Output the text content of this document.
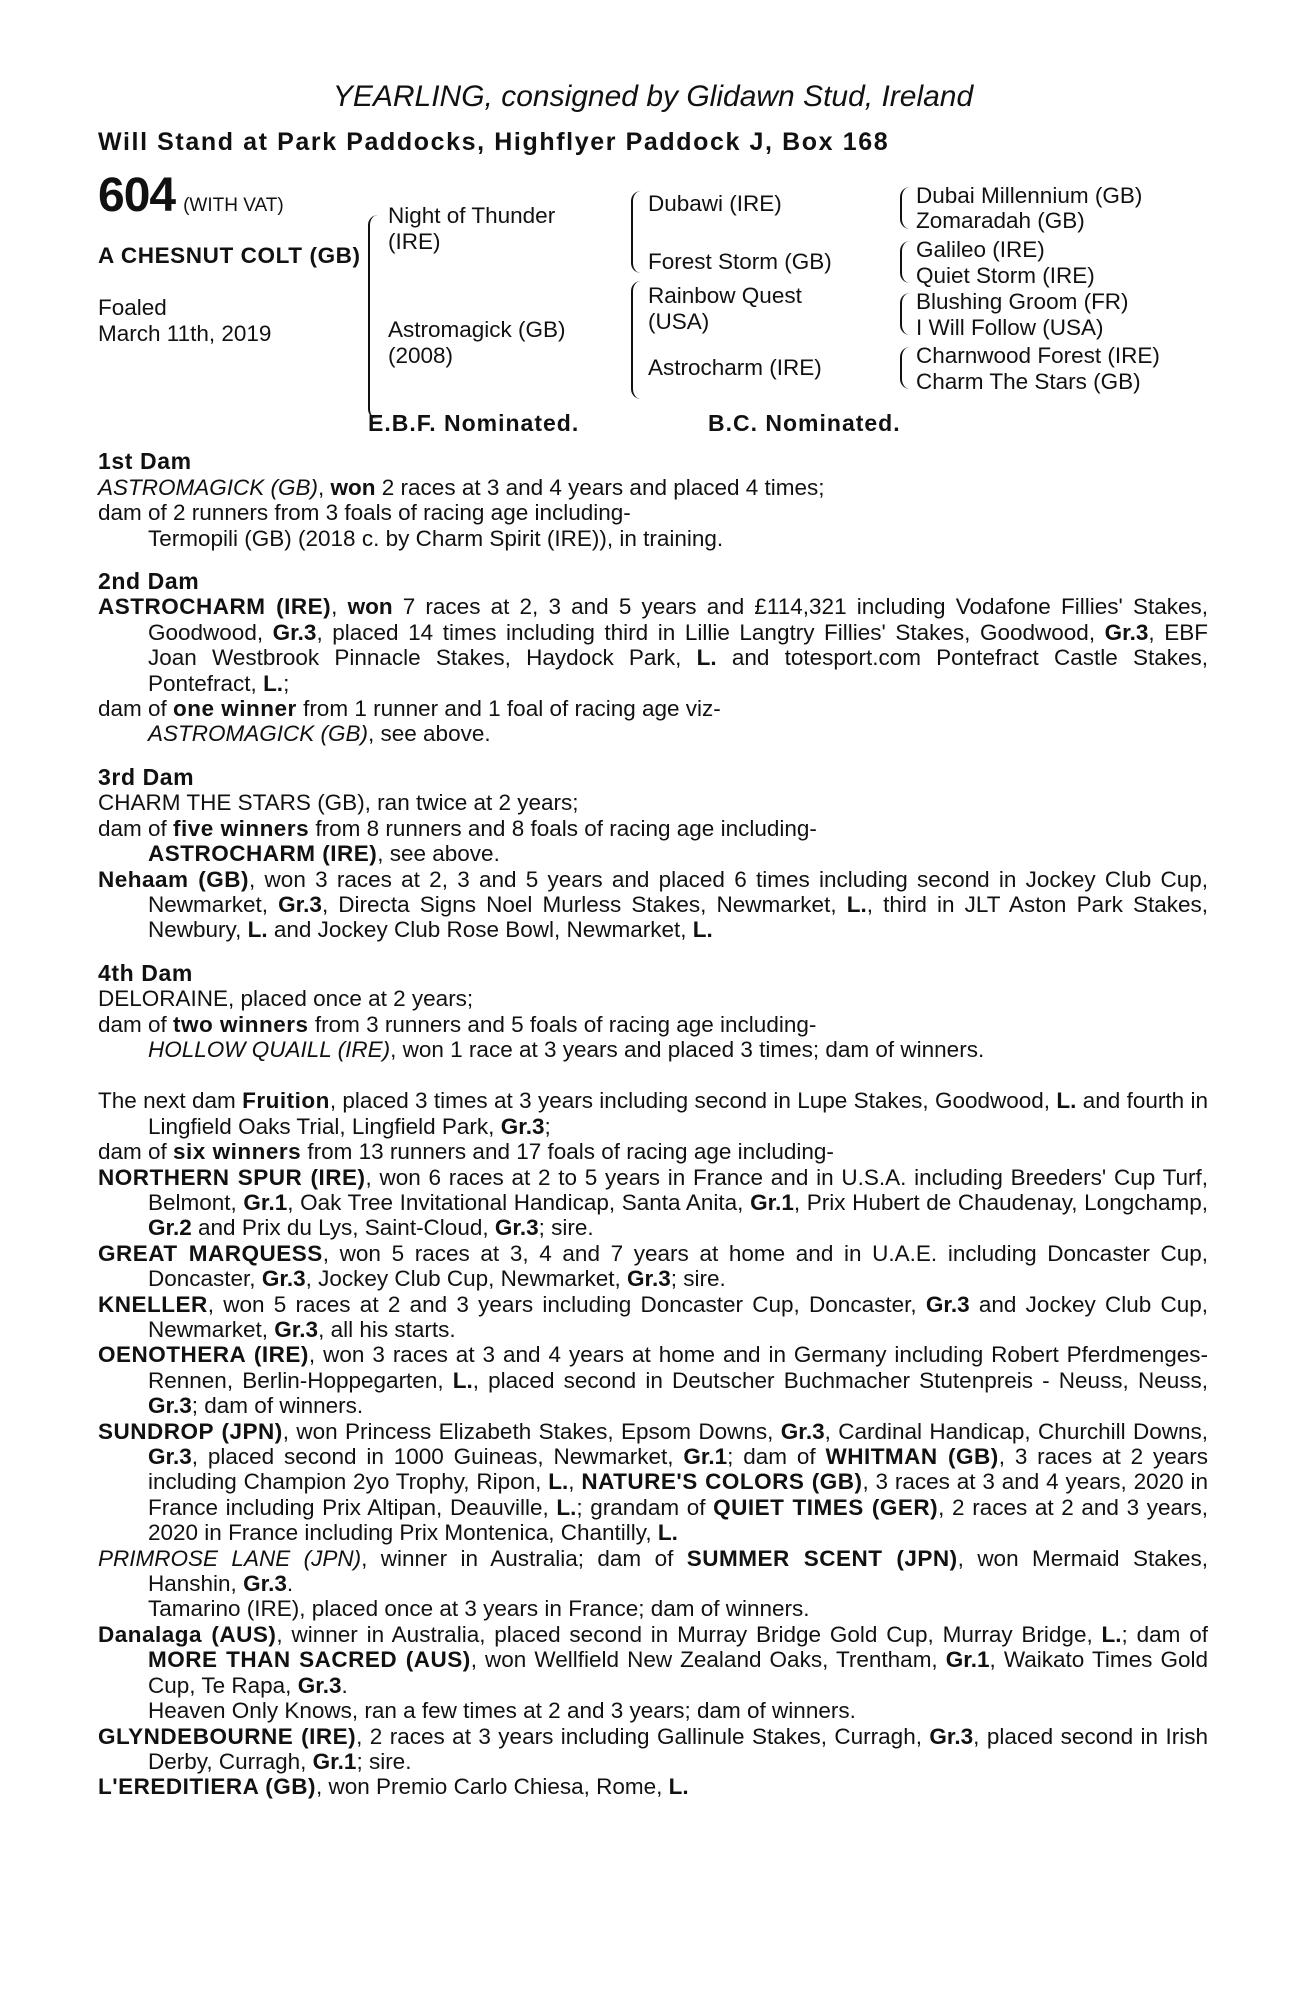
YEARLING, consigned by Glidawn Stud, Ireland
Will Stand at Park Paddocks, Highflyer Paddock J, Box 168
604 (WITH VAT)
A CHESNUT COLT (GB)
Foaled
March 11th, 2019
Night of Thunder (IRE)
Astromagick (GB) (2008)
Dubawi (IRE)
Forest Storm (GB)
Rainbow Quest (USA)
Astrocharm (IRE)
Dubai Millennium (GB)
Zomaradah (GB)
Galileo (IRE)
Quiet Storm (IRE)
Blushing Groom (FR)
I Will Follow (USA)
Charnwood Forest (IRE)
Charm The Stars (GB)
E.B.F. Nominated.	B.C. Nominated.
1st Dam
ASTROMAGICK (GB), won 2 races at 3 and 4 years and placed 4 times;
dam of 2 runners from 3 foals of racing age including-
Termopili (GB) (2018 c. by Charm Spirit (IRE)), in training.
2nd Dam
ASTROCHARM (IRE), won 7 races at 2, 3 and 5 years and £114,321 including Vodafone Fillies' Stakes, Goodwood, Gr.3, placed 14 times including third in Lillie Langtry Fillies' Stakes, Goodwood, Gr.3, EBF Joan Westbrook Pinnacle Stakes, Haydock Park, L. and totesport.com Pontefract Castle Stakes, Pontefract, L.;
dam of one winner from 1 runner and 1 foal of racing age viz-
ASTROMAGICK (GB), see above.
3rd Dam
CHARM THE STARS (GB), ran twice at 2 years;
dam of five winners from 8 runners and 8 foals of racing age including-
ASTROCHARM (IRE), see above.
Nehaam (GB), won 3 races at 2, 3 and 5 years and placed 6 times including second in Jockey Club Cup, Newmarket, Gr.3, Directa Signs Noel Murless Stakes, Newmarket, L., third in JLT Aston Park Stakes, Newbury, L. and Jockey Club Rose Bowl, Newmarket, L.
4th Dam
DELORAINE, placed once at 2 years;
dam of two winners from 3 runners and 5 foals of racing age including-
HOLLOW QUAILL (IRE), won 1 race at 3 years and placed 3 times; dam of winners.
The next dam Fruition, placed 3 times at 3 years including second in Lupe Stakes, Goodwood, L. and fourth in Lingfield Oaks Trial, Lingfield Park, Gr.3;
dam of six winners from 13 runners and 17 foals of racing age including-
NORTHERN SPUR (IRE), won 6 races at 2 to 5 years in France and in U.S.A. including Breeders' Cup Turf, Belmont, Gr.1, Oak Tree Invitational Handicap, Santa Anita, Gr.1, Prix Hubert de Chaudenay, Longchamp, Gr.2 and Prix du Lys, Saint-Cloud, Gr.3; sire.
GREAT MARQUESS, won 5 races at 3, 4 and 7 years at home and in U.A.E. including Doncaster Cup, Doncaster, Gr.3, Jockey Club Cup, Newmarket, Gr.3; sire.
KNELLER, won 5 races at 2 and 3 years including Doncaster Cup, Doncaster, Gr.3 and Jockey Club Cup, Newmarket, Gr.3, all his starts.
OENOTHERA (IRE), won 3 races at 3 and 4 years at home and in Germany including Robert Pferdmenges-Rennen, Berlin-Hoppegarten, L., placed second in Deutscher Buchmacher Stutenpreis - Neuss, Neuss, Gr.3; dam of winners.
SUNDROP (JPN), won Princess Elizabeth Stakes, Epsom Downs, Gr.3, Cardinal Handicap, Churchill Downs, Gr.3, placed second in 1000 Guineas, Newmarket, Gr.1; dam of WHITMAN (GB), 3 races at 2 years including Champion 2yo Trophy, Ripon, L., NATURE'S COLORS (GB), 3 races at 3 and 4 years, 2020 in France including Prix Altipan, Deauville, L.; grandam of QUIET TIMES (GER), 2 races at 2 and 3 years, 2020 in France including Prix Montenica, Chantilly, L.
PRIMROSE LANE (JPN), winner in Australia; dam of SUMMER SCENT (JPN), won Mermaid Stakes, Hanshin, Gr.3.
Tamarino (IRE), placed once at 3 years in France; dam of winners.
Danalaga (AUS), winner in Australia, placed second in Murray Bridge Gold Cup, Murray Bridge, L.; dam of MORE THAN SACRED (AUS), won Wellfield New Zealand Oaks, Trentham, Gr.1, Waikato Times Gold Cup, Te Rapa, Gr.3.
Heaven Only Knows, ran a few times at 2 and 3 years; dam of winners.
GLYNDEBOURNE (IRE), 2 races at 3 years including Gallinule Stakes, Curragh, Gr.3, placed second in Irish Derby, Curragh, Gr.1; sire.
L'EREDITIERA (GB), won Premio Carlo Chiesa, Rome, L.
